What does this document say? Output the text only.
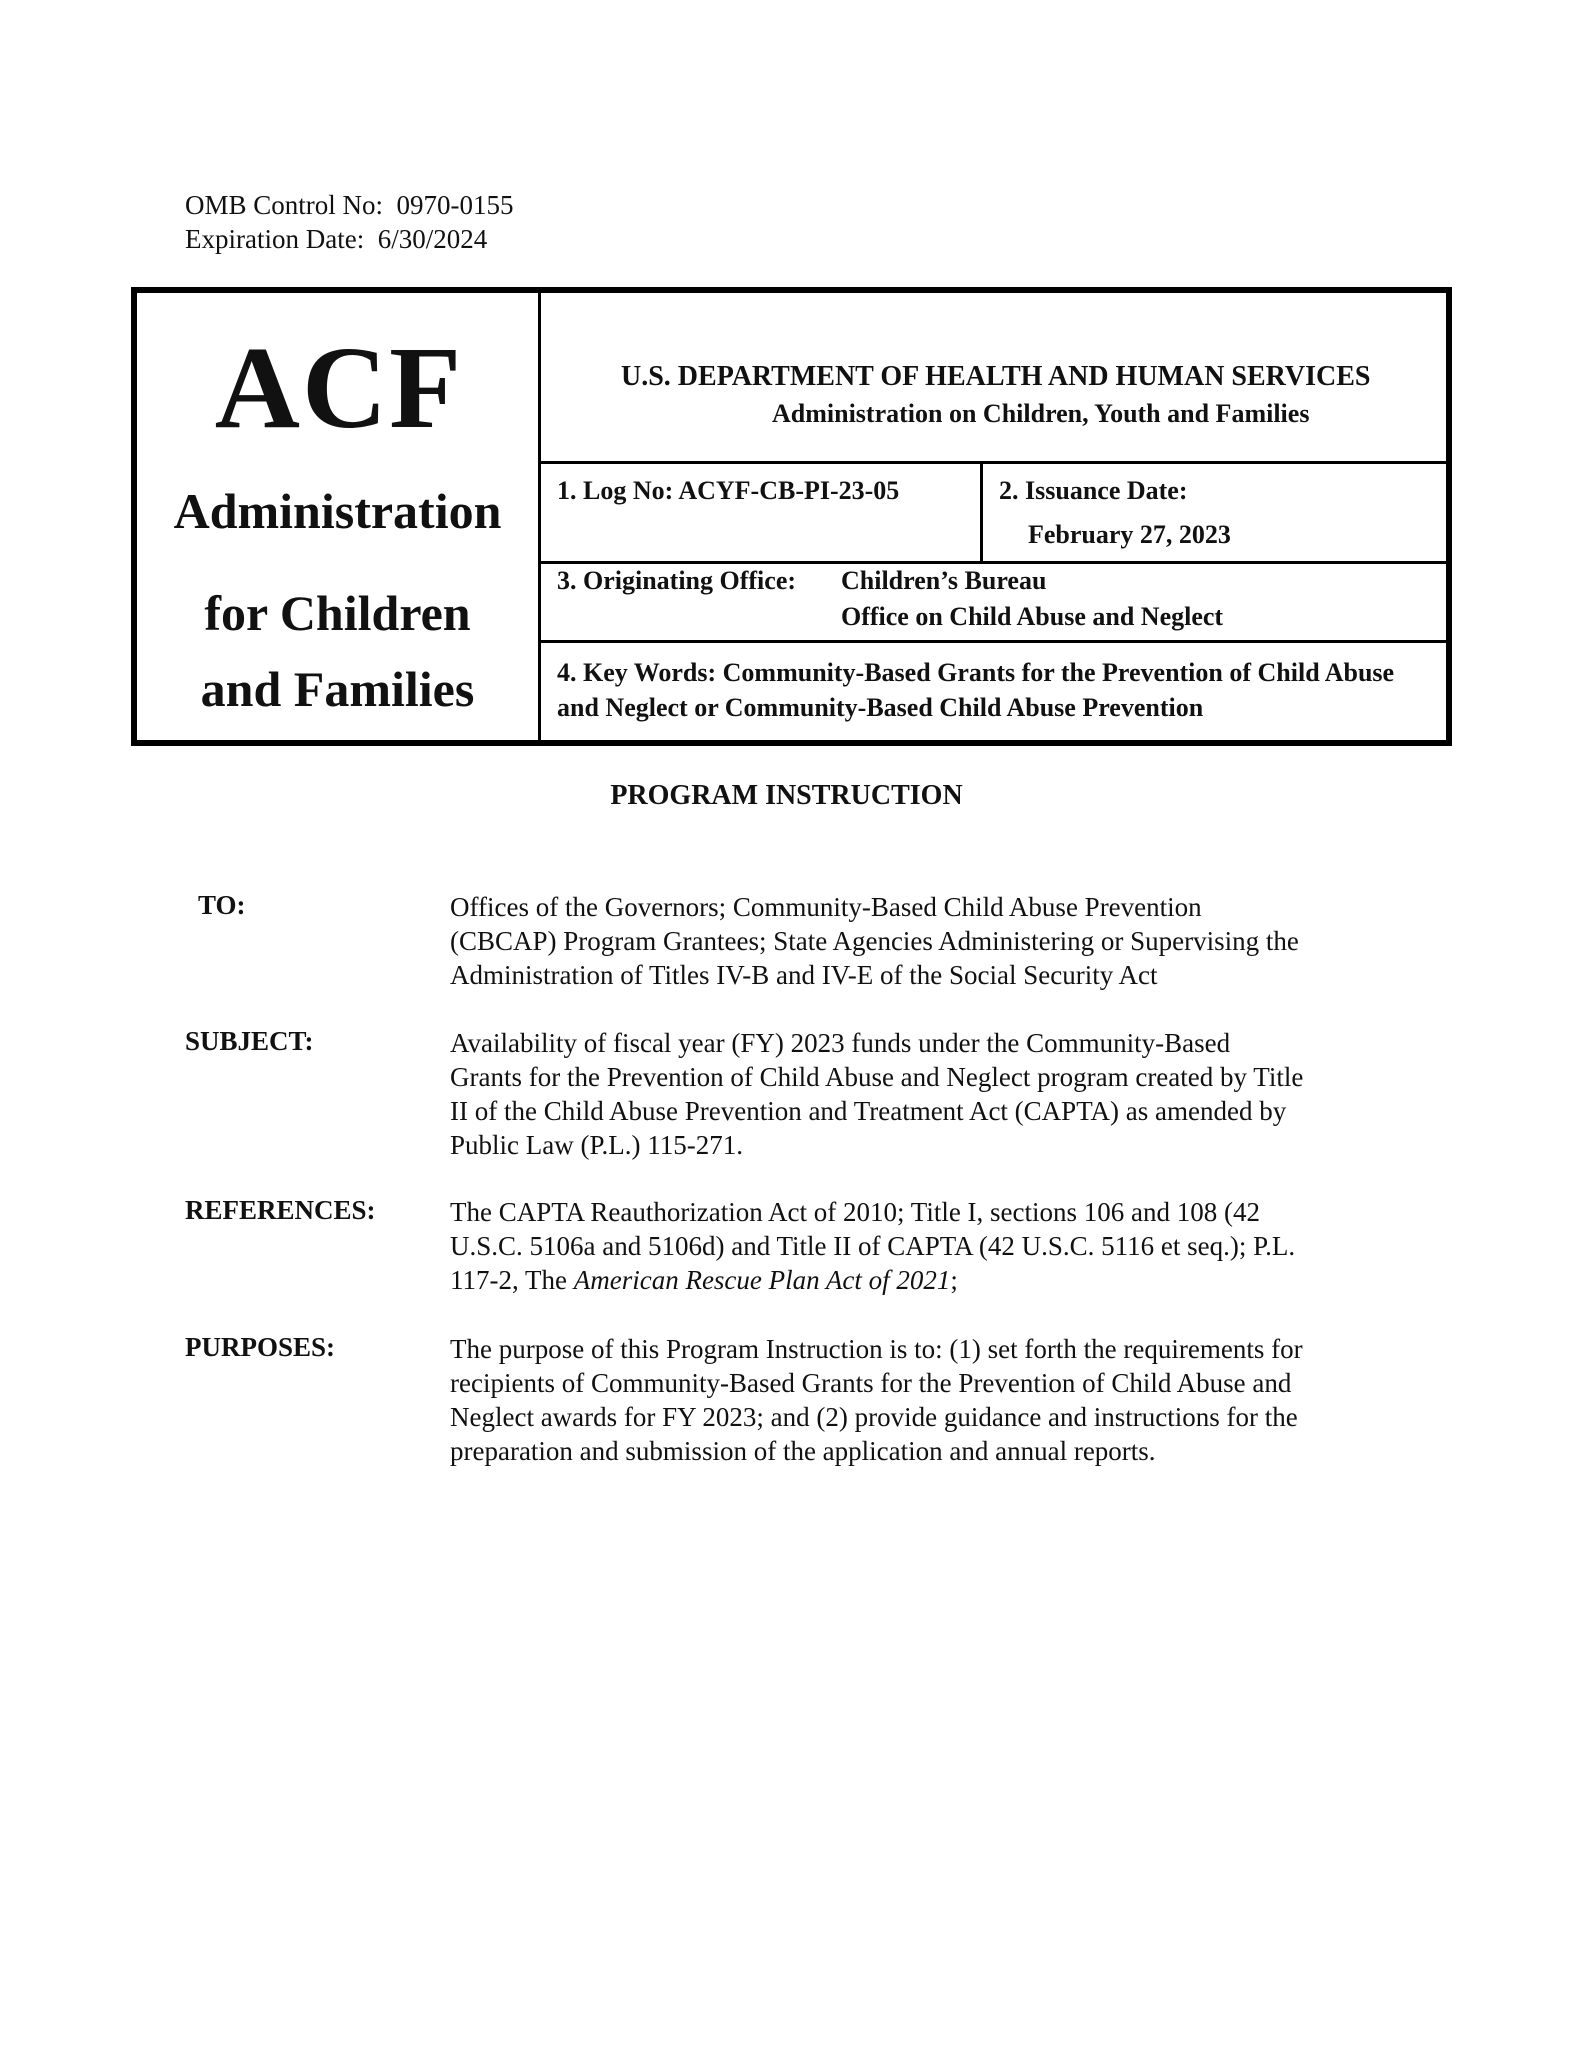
OMB Control No:  0970-0155
Expiration Date:  6/30/2024
ACF
Administration
for Children
and Families
U.S. DEPARTMENT OF HEALTH AND HUMAN SERVICES
Administration on Children, Youth and Families
1. Log No: ACYF-CB-PI-23-05	2. Issuance Date:
February 27, 2023
3. Originating Office: Children’s Bureau
Office on Child Abuse and Neglect
4. Key Words: Community-Based Grants for the Prevention of Child Abuse and Neglect or Community-Based Child Abuse Prevention
PROGRAM INSTRUCTION
TO:	Offices of the Governors; Community-Based Child Abuse Prevention
(CBCAP) Program Grantees; State Agencies Administering or Supervising the
Administration of Titles IV-B and IV-E of the Social Security Act
SUBJECT:	Availability of fiscal year (FY) 2023 funds under the Community-Based
Grants for the Prevention of Child Abuse and Neglect program created by Title
II of the Child Abuse Prevention and Treatment Act (CAPTA) as amended by
Public Law (P.L.) 115-271.
REFERENCES:	The CAPTA Reauthorization Act of 2010; Title I, sections 106 and 108 (42
U.S.C. 5106a and 5106d) and Title II of CAPTA (42 U.S.C. 5116 et seq.); P.L.
117-2, The American Rescue Plan Act of 2021;
PURPOSES:	The purpose of this Program Instruction is to: (1) set forth the requirements for
recipients of Community-Based Grants for the Prevention of Child Abuse and
Neglect awards for FY 2023; and (2) provide guidance and instructions for the
preparation and submission of the application and annual reports.
